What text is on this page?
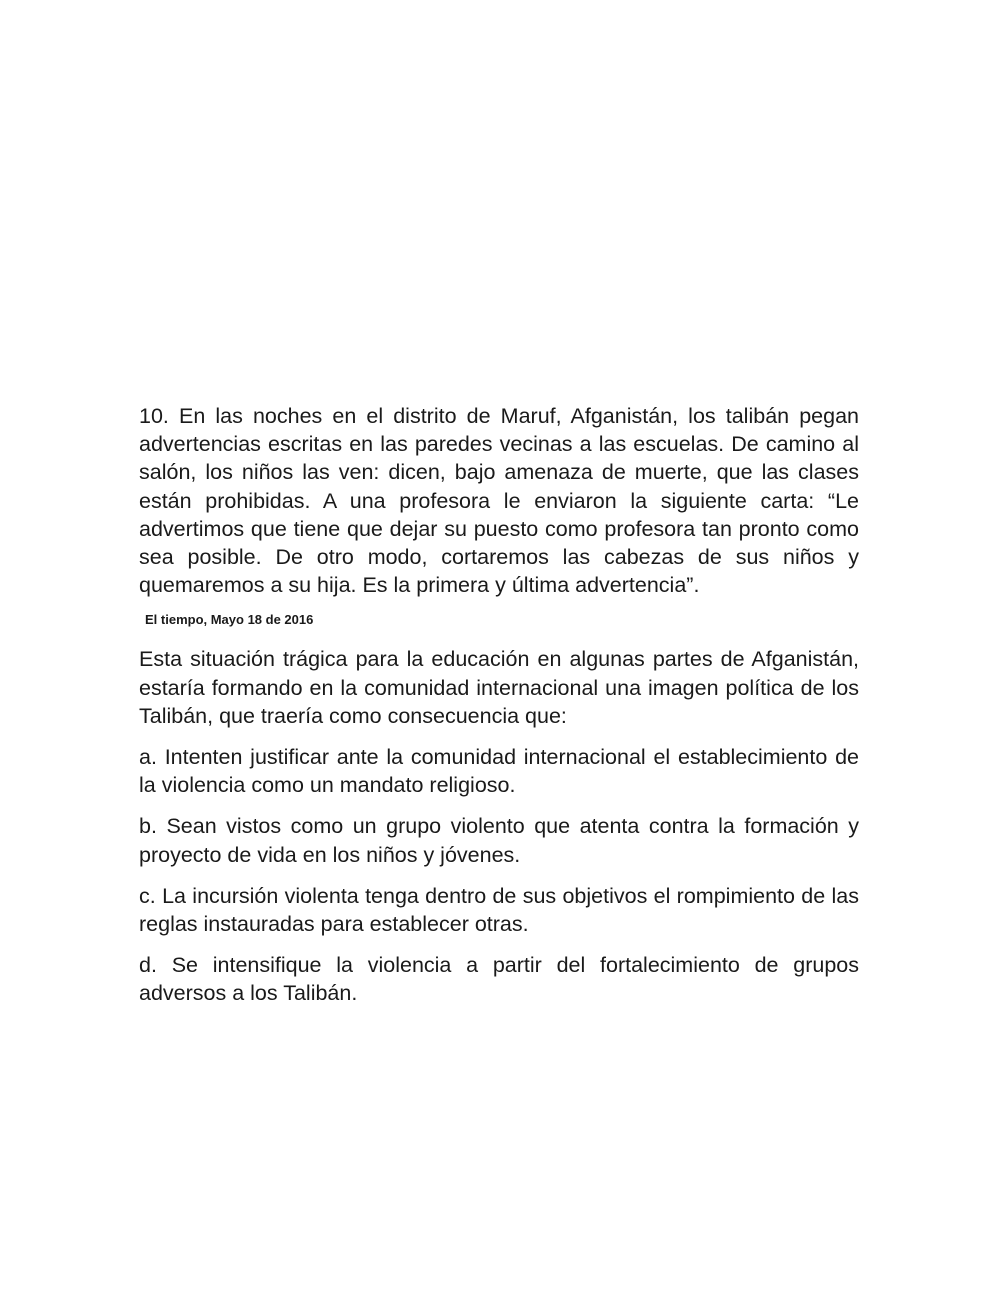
10. En las noches en el distrito de Maruf, Afganistán, los talibán pegan advertencias escritas en las paredes vecinas a las escuelas. De camino al salón, los niños las ven: dicen, bajo amenaza de muerte, que las clases están prohibidas. A una profesora le enviaron la siguiente carta: “Le advertimos que tiene que dejar su puesto como profesora tan pronto como sea posible. De otro modo, cortaremos las cabezas de sus niños y quemaremos a su hija. Es la primera y última advertencia”.

El tiempo, Mayo 18 de 2016

Esta situación trágica para la educación en algunas partes de Afganistán, estaría formando en la comunidad internacional una imagen política de los Talibán, que traería como consecuencia que:

a. Intenten justificar ante la comunidad internacional el establecimiento de la violencia como un mandato religioso.

b. Sean vistos como un grupo violento que atenta contra la formación y proyecto de vida en los niños y jóvenes.

c. La incursión violenta tenga dentro de sus objetivos el rompimiento de las reglas instauradas para establecer otras.

d. Se intensifique la violencia a partir del fortalecimiento de grupos adversos a los Talibán.
